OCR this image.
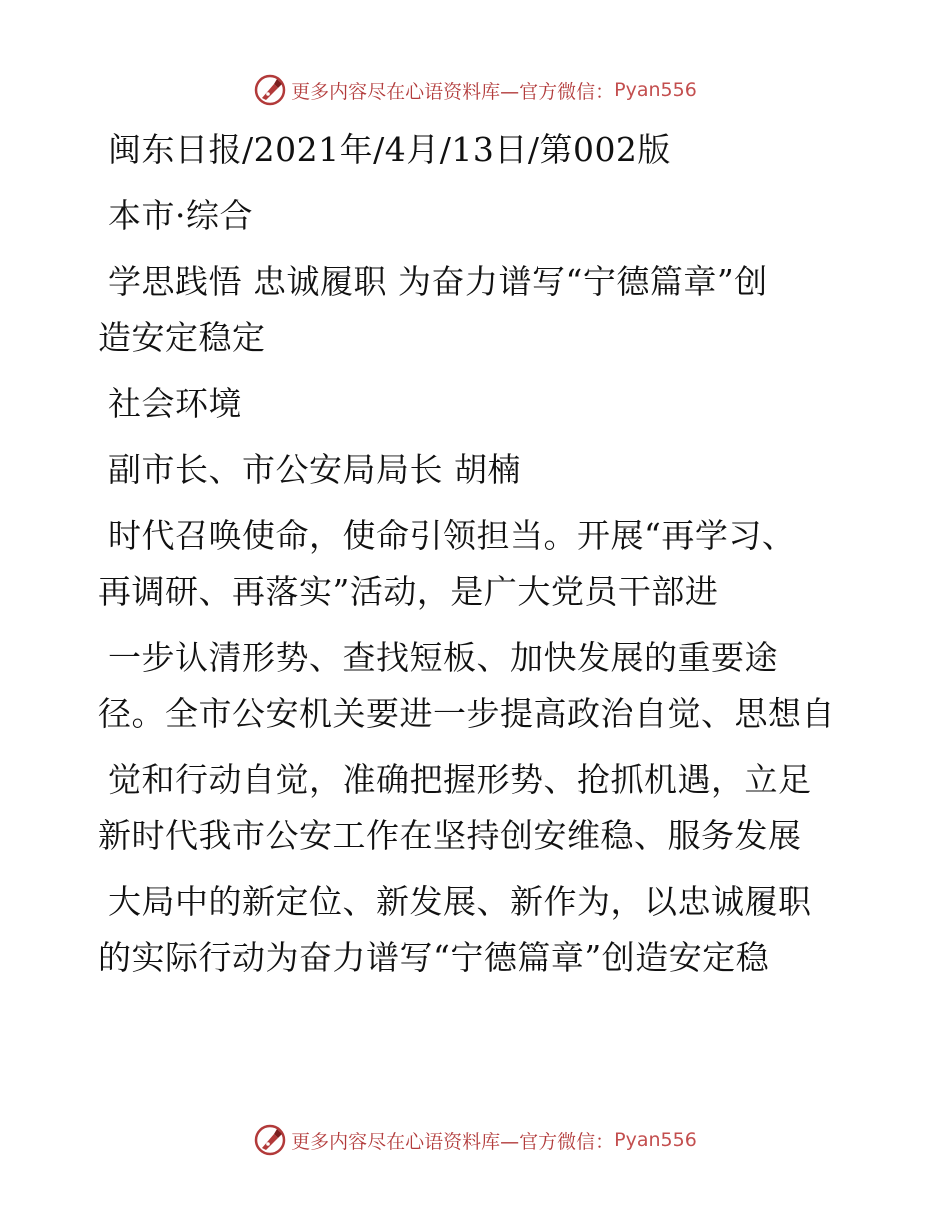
更多内容尽在心语资料库—官方微信： Pyan556
闽东日报/2021年/4月/13日/第002版
本市·综合
学思践悟 忠诚履职 为奋力谱写“宁德篇章”创
造安定稳定
社会环境
副市长、市公安局局长 胡楠
时代召唤使命，使命引领担当。开展“再学习、
再调研、再落实”活动，是广大党员干部进
一步认清形势、查找短板、加快发展的重要途
径。全市公安机关要进一步提高政治自觉、思想自
觉和行动自觉，准确把握形势、抢抓机遇，立足
新时代我市公安工作在坚持创安维稳、服务发展
大局中的新定位、新发展、新作为，以忠诚履职
的实际行动为奋力谱写“宁德篇章”创造安定稳
更多内容尽在心语资料库—官方微信： Pyan556
